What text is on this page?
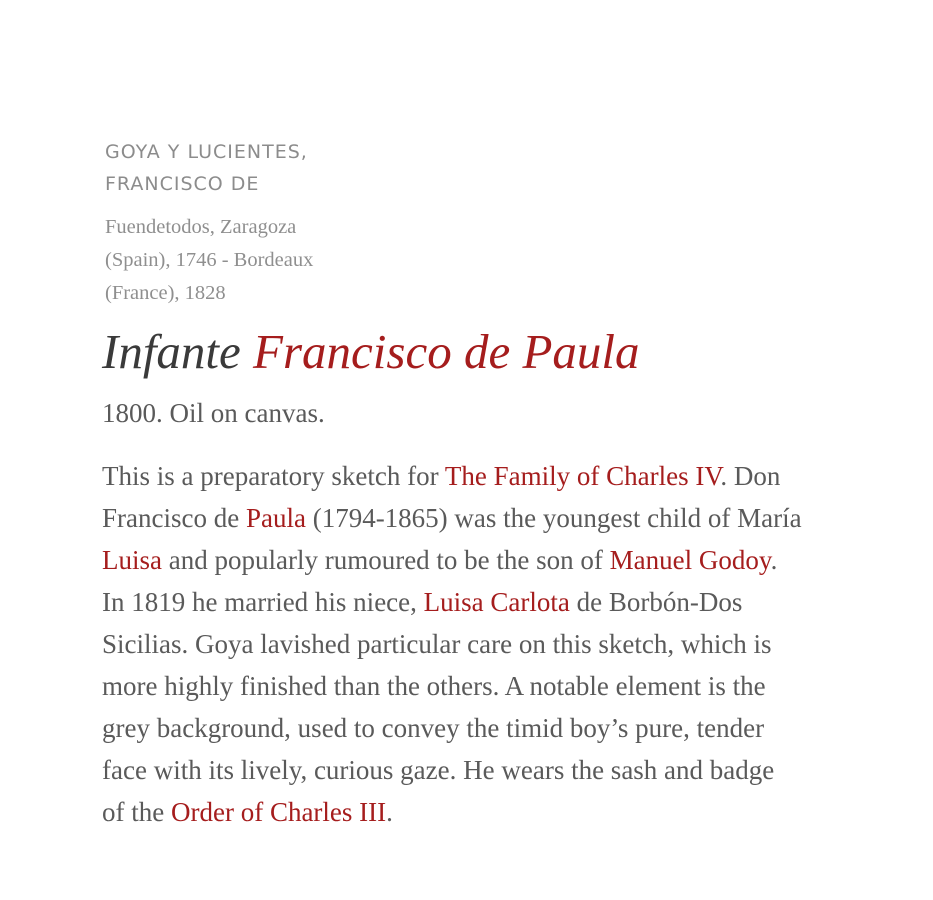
GOYA Y LUCIENTES,
FRANCISCO DE
Fuendetodos, Zaragoza
(Spain), 1746 - Bordeaux
(France), 1828
Infante Francisco de Paula

1800. Oil on canvas.

This is a preparatory sketch for The Family of Charles IV. Don
Francisco de Paula (1794-1865) was the youngest child of María
Luisa and popularly rumoured to be the son of Manuel Godoy.
In 1819 he married his niece, Luisa Carlota de Borbón-Dos
Sicilias. Goya lavished particular care on this sketch, which is
more highly finished than the others. A notable element is the
grey background, used to convey the timid boy’s pure, tender
face with its lively, curious gaze. He wears the sash and badge
of the Order of Charles III.
